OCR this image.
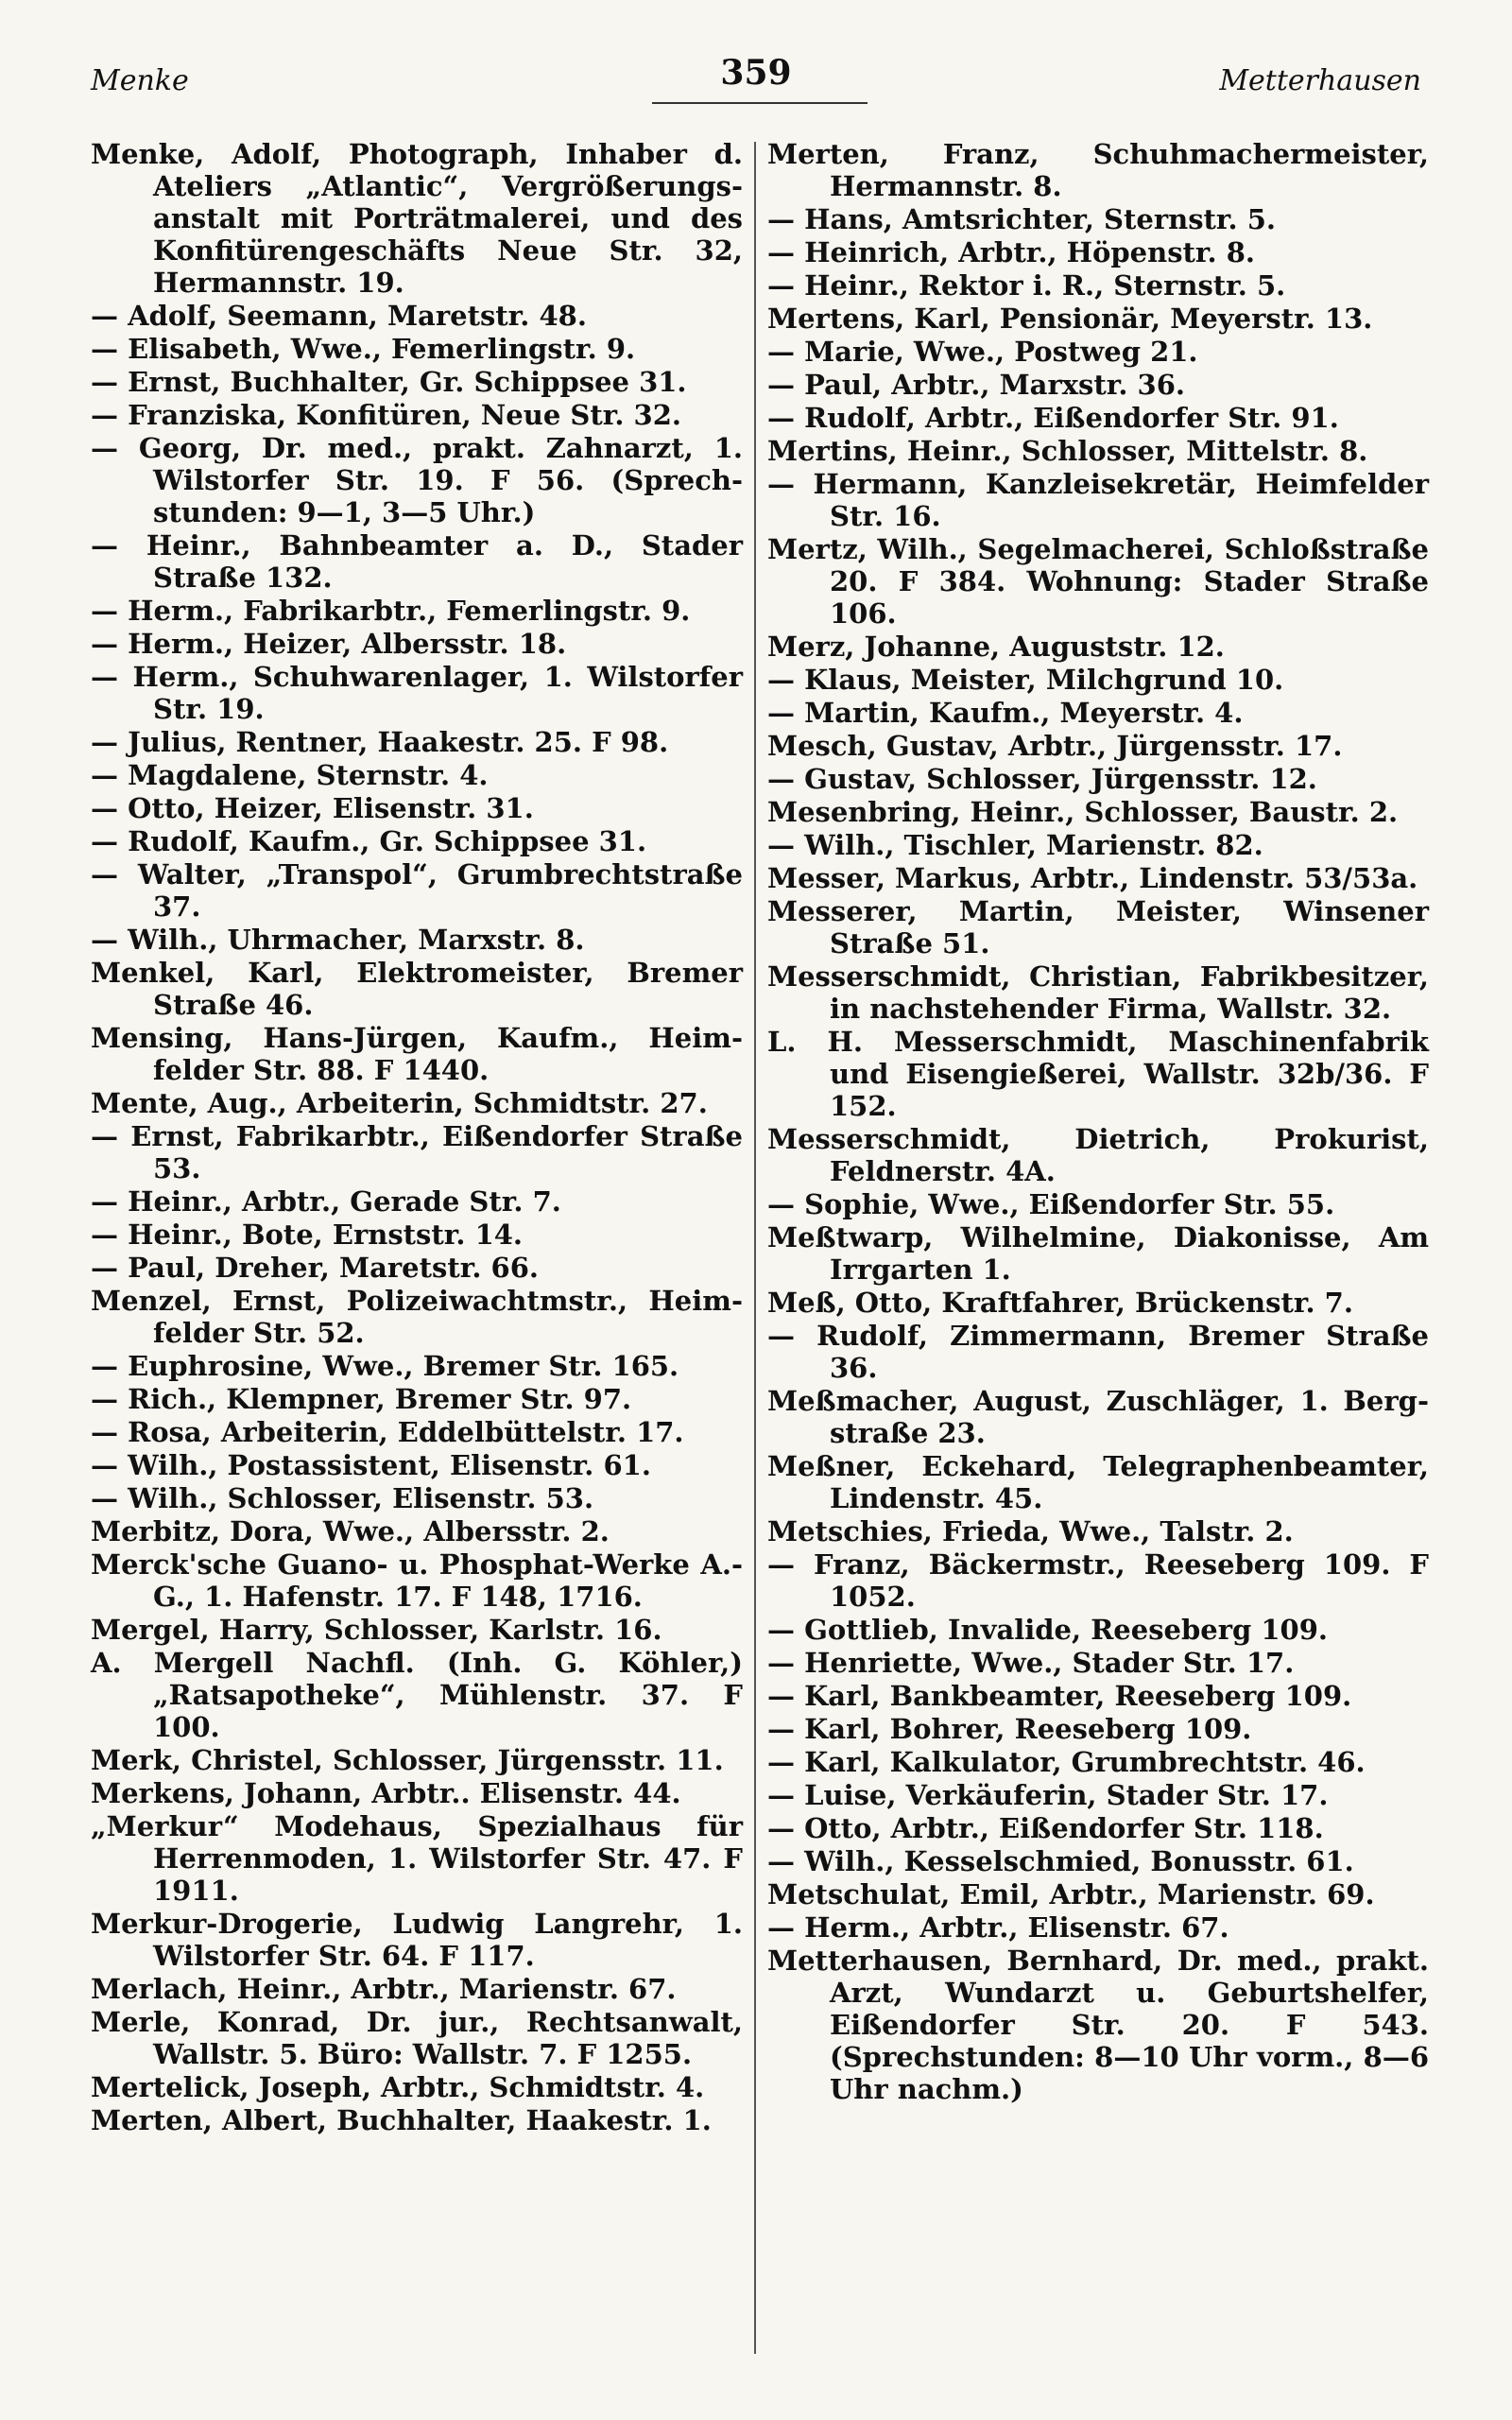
Menke	359	Metterhausen

Menke, Adolf, Photograph, Inhaber d. Ateliers „Atlantic“, Vergrößerungsanstalt mit Porträtmalerei, und des Konfitürengeschäfts Neue Str. 32, Hermannstr. 19.

— Adolf, Seemann, Maretstr. 48.

— Elisabeth, Wwe., Femerlingstr. 9.

— Ernst, Buchhalter, Gr. Schippsee 31.

— Franziska, Konfitüren, Neue Str. 32.

— Georg, Dr. med., prakt. Zahnarzt, 1. Wilstorfer Str. 19. F 56. (Sprechstunden: 9—1, 3—5 Uhr.)

— Heinr., Bahnbeamter a. D., Stader Straße 132.

— Herm., Fabrikarbtr., Femerlingstr. 9.

— Herm., Heizer, Albersstr. 18.

— Herm., Schuhwarenlager, 1. Wilstorfer Str. 19.

— Julius, Rentner, Haakestr. 25. F 98.

— Magdalene, Sternstr. 4.

— Otto, Heizer, Elisenstr. 31.

— Rudolf, Kaufm., Gr. Schippsee 31.

— Walter, „Transpol“, Grumbrechtstraße 37.

— Wilh., Uhrmacher, Marxstr. 8.

Menkel, Karl, Elektromeister, Bremer Straße 46.

Mensing, Hans-Jürgen, Kaufm., Heimfelder Str. 88. F 1440.

Mente, Aug., Arbeiterin, Schmidtstr. 27.

— Ernst, Fabrikarbtr., Eißendorfer Straße 53.

— Heinr., Arbtr., Gerade Str. 7.

— Heinr., Bote, Ernststr. 14.

— Paul, Dreher, Maretstr. 66.

Menzel, Ernst, Polizeiwachtmstr., Heimfelder Str. 52.

— Euphrosine, Wwe., Bremer Str. 165.

— Rich., Klempner, Bremer Str. 97.

— Rosa, Arbeiterin, Eddelbüttelstr. 17.

— Wilh., Postassistent, Elisenstr. 61.

— Wilh., Schlosser, Elisenstr. 53.

Merbitz, Dora, Wwe., Albersstr. 2.

Merck'sche Guano- u. Phosphat-Werke A.-G., 1. Hafenstr. 17. F 148, 1716.

Mergel, Harry, Schlosser, Karlstr. 16.

A. Mergell Nachfl. (Inh. G. Köhler,) „Ratsapotheke“, Mühlenstr. 37. F 100.

Merk, Christel, Schlosser, Jürgensstr. 11.

Merkens, Johann, Arbtr.. Elisenstr. 44.

„Merkur“ Modehaus, Spezialhaus für Herrenmoden, 1. Wilstorfer Str. 47. F 1911.

Merkur-Drogerie, Ludwig Langrehr, 1. Wilstorfer Str. 64. F 117.

Merlach, Heinr., Arbtr., Marienstr. 67.

Merle, Konrad, Dr. jur., Rechtsanwalt, Wallstr. 5. Büro: Wallstr. 7. F 1255.

Mertelick, Joseph, Arbtr., Schmidtstr. 4.

Merten, Albert, Buchhalter, Haakestr. 1.

Merten, Franz, Schuhmachermeister, Hermannstr. 8.

— Hans, Amtsrichter, Sternstr. 5.

— Heinrich, Arbtr., Höpenstr. 8.

— Heinr., Rektor i. R., Sternstr. 5.

Mertens, Karl, Pensionär, Meyerstr. 13.

— Marie, Wwe., Postweg 21.

— Paul, Arbtr., Marxstr. 36.

— Rudolf, Arbtr., Eißendorfer Str. 91.

Mertins, Heinr., Schlosser, Mittelstr. 8.

— Hermann, Kanzleisekretär, Heimfelder Str. 16.

Mertz, Wilh., Segelmacherei, Schloßstraße 20. F 384. Wohnung: Stader Straße 106.

Merz, Johanne, Auguststr. 12.

— Klaus, Meister, Milchgrund 10.

— Martin, Kaufm., Meyerstr. 4.

Mesch, Gustav, Arbtr., Jürgensstr. 17.

— Gustav, Schlosser, Jürgensstr. 12.

Mesenbring, Heinr., Schlosser, Baustr. 2.

— Wilh., Tischler, Marienstr. 82.

Messer, Markus, Arbtr., Lindenstr. 53/53a.

Messerer, Martin, Meister, Winsener Straße 51.

Messerschmidt, Christian, Fabrikbesitzer, in nachstehender Firma, Wallstr. 32.

L. H. Messerschmidt, Maschinenfabrik und Eisengießerei, Wallstr. 32b/36. F 152.

Messerschmidt, Dietrich, Prokurist, Feldnerstr. 4A.

— Sophie, Wwe., Eißendorfer Str. 55.

Meßtwarp, Wilhelmine, Diakonisse, Am Irrgarten 1.

Meß, Otto, Kraftfahrer, Brückenstr. 7.

— Rudolf, Zimmermann, Bremer Straße 36.

Meßmacher, August, Zuschläger, 1. Bergstraße 23.

Meßner, Eckehard, Telegraphenbeamter, Lindenstr. 45.

Metschies, Frieda, Wwe., Talstr. 2.

— Franz, Bäckermstr., Reeseberg 109. F 1052.

— Gottlieb, Invalide, Reeseberg 109.

— Henriette, Wwe., Stader Str. 17.

— Karl, Bankbeamter, Reeseberg 109.

— Karl, Bohrer, Reeseberg 109.

— Karl, Kalkulator, Grumbrechtstr. 46.

— Luise, Verkäuferin, Stader Str. 17.

— Otto, Arbtr., Eißendorfer Str. 118.

— Wilh., Kesselschmied, Bonusstr. 61.

Metschulat, Emil, Arbtr., Marienstr. 69.

— Herm., Arbtr., Elisenstr. 67.

Metterhausen, Bernhard, Dr. med., prakt. Arzt, Wundarzt u. Geburtshelfer, Eißendorfer Str. 20. F 543. (Sprechstunden: 8—10 Uhr vorm., 8—6 Uhr nachm.)
